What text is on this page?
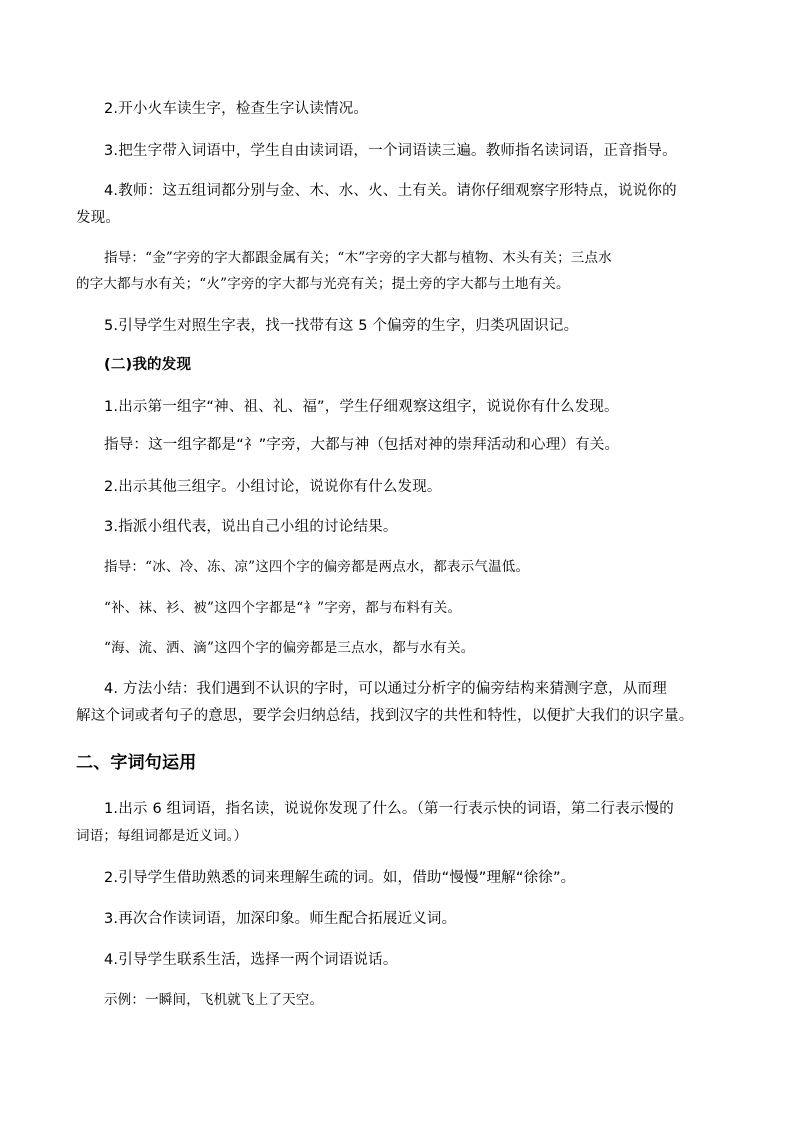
2.开小火车读生字，检查生字认读情况。
3.把生字带入词语中，学生自由读词语，一个词语读三遍。教师指名读词语，正音指导。
4.教师：这五组词都分别与金、木、水、火、土有关。请你仔细观察字形特点，说说你的
发现。
指导：“金”字旁的字大都跟金属有关；“木”字旁的字大都与植物、木头有关；三点水
的字大都与水有关；“火”字旁的字大都与光亮有关；提土旁的字大都与土地有关。
5.引导学生对照生字表，找一找带有这 5 个偏旁的生字，归类巩固识记。
(二)我的发现
1.出示第一组字“神、祖、礼、福”，学生仔细观察这组字，说说你有什么发现。
指导：这一组字都是“礻”字旁，大都与神（包括对神的崇拜活动和心理）有关。
2.出示其他三组字。小组讨论，说说你有什么发现。
3.指派小组代表，说出自己小组的讨论结果。
指导：“冰、冷、冻、凉”这四个字的偏旁都是两点水，都表示气温低。
“补、袜、衫、被”这四个字都是“衤”字旁，都与布料有关。
“海、流、洒、滴”这四个字的偏旁都是三点水，都与水有关。
4. 方法小结：我们遇到不认识的字时，可以通过分析字的偏旁结构来猜测字意，从而理
解这个词或者句子的意思，要学会归纳总结，找到汉字的共性和特性，以便扩大我们的识字量。
二、字词句运用
1.出示 6 组词语，指名读，说说你发现了什么。（第一行表示快的词语，第二行表示慢的
词语；每组词都是近义词。）
2.引导学生借助熟悉的词来理解生疏的词。如，借助“慢慢”理解“徐徐”。
3.再次合作读词语，加深印象。师生配合拓展近义词。
4.引导学生联系生活，选择一两个词语说话。
示例：一瞬间，飞机就飞上了天空。
